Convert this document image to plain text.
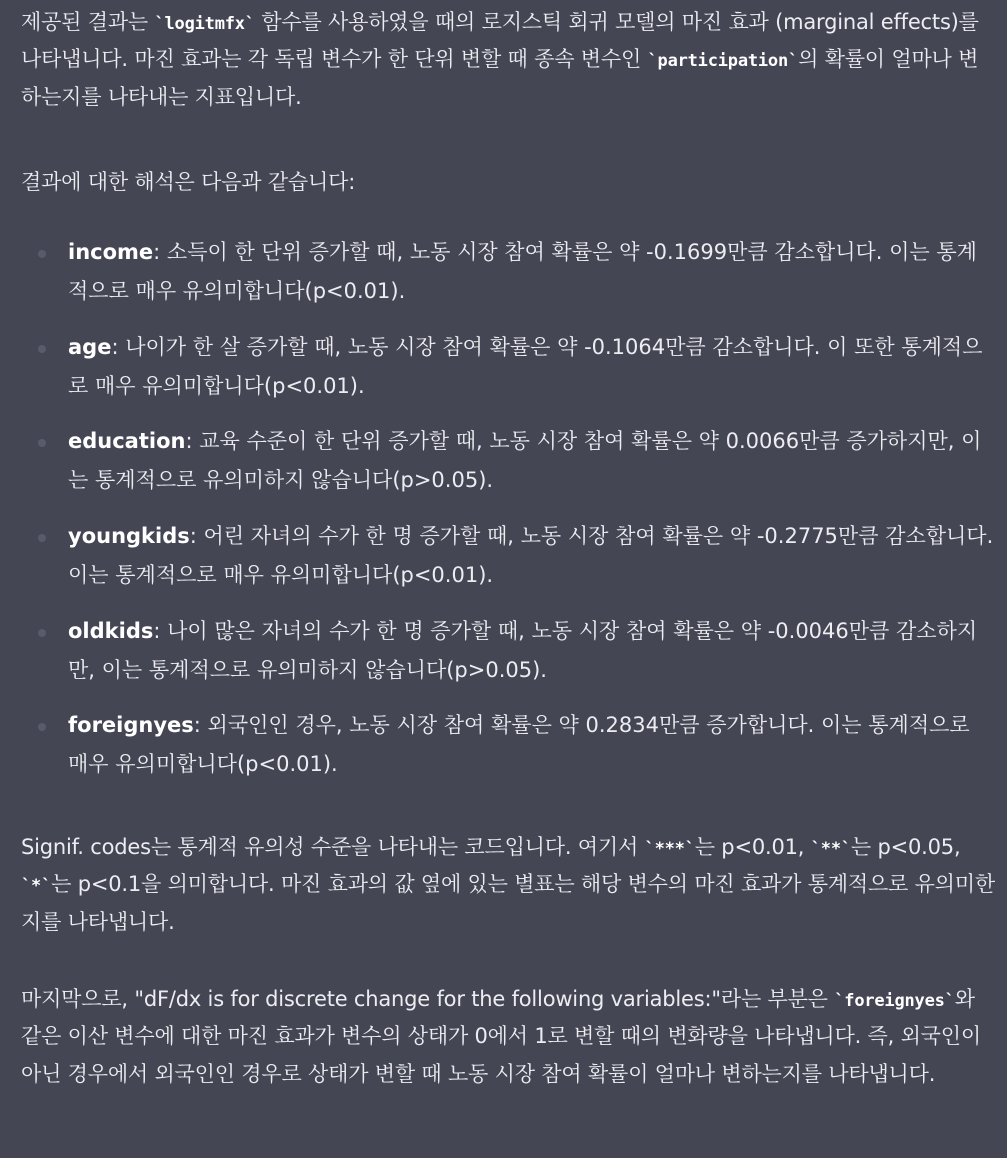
제공된 결과는 ` logitmfx ` 함수를 사용하였을 때의 로지스틱 회귀 모델의 마진 효과 (marginal effects)를 나타냅니다. 마진 효과는 각 독립 변수가 한 단위 변할 때 종속 변수인 ` participation ` 의 확률이 얼마나 변하는지를 나타내는 지표입니다.

결과에 대한 해석은 다음과 같습니다:

income: 소득이 한 단위 증가할 때, 노동 시장 참여 확률은 약 -0.1699만큼 감소합니다. 이는 통계적으로 매우 유의미합니다(p<0.01).
age: 나이가 한 살 증가할 때, 노동 시장 참여 확률은 약 -0.1064만큼 감소합니다. 이 또한 통계적으로 매우 유의미합니다(p<0.01).
education: 교육 수준이 한 단위 증가할 때, 노동 시장 참여 확률은 약 0.0066만큼 증가하지만, 이는 통계적으로 유의미하지 않습니다(p>0.05).
youngkids: 어린 자녀의 수가 한 명 증가할 때, 노동 시장 참여 확률은 약 -0.2775만큼 감소합니다. 이는 통계적으로 매우 유의미합니다(p<0.01).
oldkids: 나이 많은 자녀의 수가 한 명 증가할 때, 노동 시장 참여 확률은 약 -0.0046만큼 감소하지만, 이는 통계적으로 유의미하지 않습니다(p>0.05).
foreignyes: 외국인인 경우, 노동 시장 참여 확률은 약 0.2834만큼 증가합니다. 이는 통계적으로 매우 유의미합니다(p<0.01).

Signif. codes는 통계적 유의성 수준을 나타내는 코드입니다. 여기서 ` *** ` 는 p<0.01, ` ** ` 는 p<0.05, ` * ` 는 p<0.1을 의미합니다. 마진 효과의 값 옆에 있는 별표는 해당 변수의 마진 효과가 통계적으로 유의미한지를 나타냅니다.

마지막으로, "dF/dx is for discrete change for the following variables:"라는 부분은 ` foreignyes ` 와 같은 이산 변수에 대한 마진 효과가 변수의 상태가 0에서 1로 변할 때의 변화량을 나타냅니다. 즉, 외국인이 아닌 경우에서 외국인인 경우로 상태가 변할 때 노동 시장 참여 확률이 얼마나 변하는지를 나타냅니다.
